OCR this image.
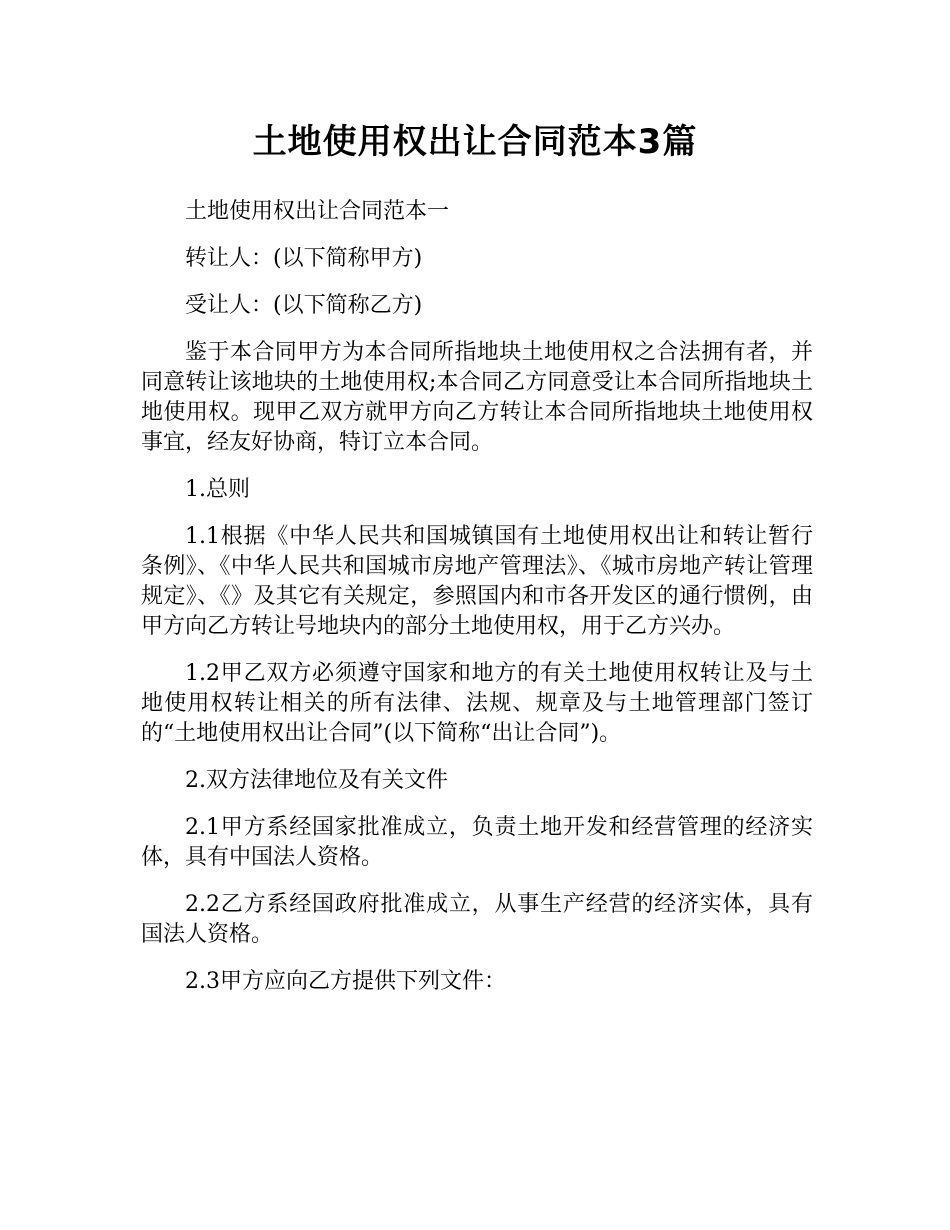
土地使用权出让合同范本3篇

土地使用权出让合同范本一

转让人：(以下简称甲方)

受让人：(以下简称乙方)

鉴于本合同甲方为本合同所指地块土地使用权之合法拥有者，并同意转让该地块的土地使用权;本合同乙方同意受让本合同所指地块土地使用权。现甲乙双方就甲方向乙方转让本合同所指地块土地使用权事宜，经友好协商，特订立本合同。

1.总则

1.1根据《中华人民共和国城镇国有土地使用权出让和转让暂行条例》、《中华人民共和国城市房地产管理法》、《城市房地产转让管理规定》、《》及其它有关规定，参照国内和市各开发区的通行惯例，由甲方向乙方转让号地块内的部分土地使用权，用于乙方兴办。

1.2甲乙双方必须遵守国家和地方的有关土地使用权转让及与土地使用权转让相关的所有法律、法规、规章及与土地管理部门签订的“土地使用权出让合同”(以下简称“出让合同”)。

2.双方法律地位及有关文件

2.1甲方系经国家批准成立，负责土地开发和经营管理的经济实体，具有中国法人资格。

2.2乙方系经国政府批准成立，从事生产经营的经济实体，具有国法人资格。

2.3甲方应向乙方提供下列文件：
